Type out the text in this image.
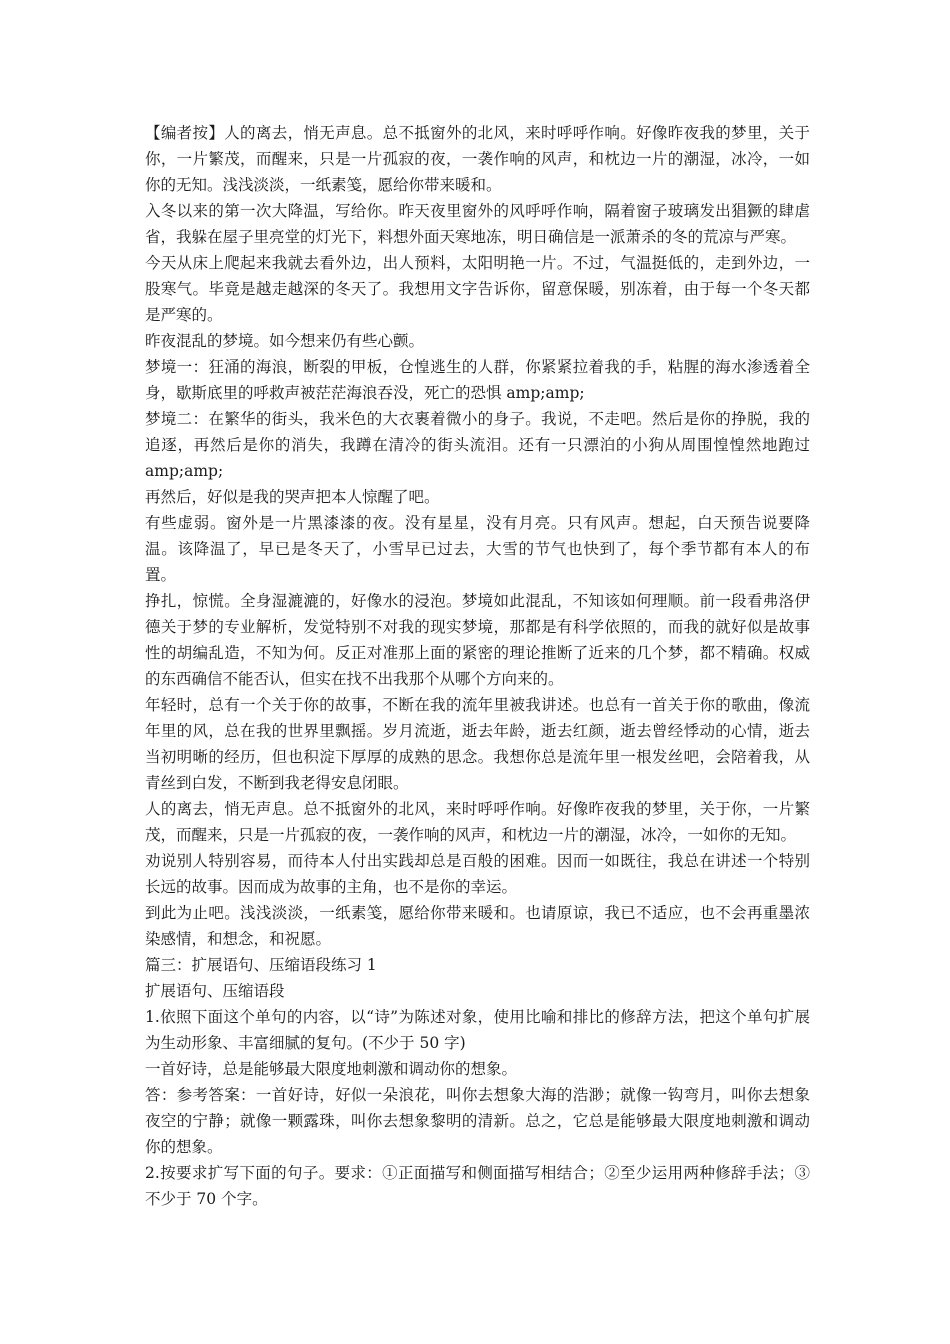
【编者按】人的离去，悄无声息。总不抵窗外的北风，来时呼呼作响。好像昨夜我的梦里，关于你，一片繁茂，而醒来，只是一片孤寂的夜，一袭作响的风声，和枕边一片的潮湿，冰冷，一如你的无知。浅浅淡淡，一纸素笺，愿给你带来暖和。

入冬以来的第一次大降温，写给你。昨天夜里窗外的风呼呼作响，隔着窗子玻璃发出猖獗的肆虐省，我躲在屋子里亮堂的灯光下，料想外面天寒地冻，明日确信是一派萧杀的冬的荒凉与严寒。

今天从床上爬起来我就去看外边，出人预料，太阳明艳一片。不过，气温挺低的，走到外边，一股寒气。毕竟是越走越深的冬天了。我想用文字告诉你，留意保暖，别冻着，由于每一个冬天都是严寒的。

昨夜混乱的梦境。如今想来仍有些心颤。

梦境一：狂涌的海浪，断裂的甲板，仓惶逃生的人群，你紧紧拉着我的手，粘腥的海水渗透着全身，歇斯底里的呼救声被茫茫海浪吞没，死亡的恐惧 amp;amp;

梦境二：在繁华的街头，我米色的大衣裹着微小的身子。我说，不走吧。然后是你的挣脱，我的追逐，再然后是你的消失，我蹲在清冷的街头流泪。还有一只漂泊的小狗从周围惶惶然地跑过 amp;amp;

再然后，好似是我的哭声把本人惊醒了吧。

有些虚弱。窗外是一片黑漆漆的夜。没有星星，没有月亮。只有风声。想起，白天预告说要降温。该降温了，早已是冬天了，小雪早已过去，大雪的节气也快到了，每个季节都有本人的布置。

挣扎，惊慌。全身湿漉漉的，好像水的浸泡。梦境如此混乱，不知该如何理顺。前一段看弗洛伊德关于梦的专业解析，发觉特别不对我的现实梦境，那都是有科学依照的，而我的就好似是故事性的胡编乱造，不知为何。反正对准那上面的紧密的理论推断了近来的几个梦，都不精确。权威的东西确信不能否认，但实在找不出我那个从哪个方向来的。

年轻时，总有一个关于你的故事，不断在我的流年里被我讲述。也总有一首关于你的歌曲，像流年里的风，总在我的世界里飘摇。岁月流逝，逝去年龄，逝去红颜，逝去曾经悸动的心情，逝去当初明晰的经历，但也积淀下厚厚的成熟的思念。我想你总是流年里一根发丝吧，会陪着我，从青丝到白发，不断到我老得安息闭眼。

人的离去，悄无声息。总不抵窗外的北风，来时呼呼作响。好像昨夜我的梦里，关于你，一片繁茂，而醒来，只是一片孤寂的夜，一袭作响的风声，和枕边一片的潮湿，冰冷，一如你的无知。

劝说别人特别容易，而待本人付出实践却总是百般的困难。因而一如既往，我总在讲述一个特别长远的故事。因而成为故事的主角，也不是你的幸运。

到此为止吧。浅浅淡淡，一纸素笺，愿给你带来暖和。也请原谅，我已不适应，也不会再重墨浓染感情，和想念，和祝愿。

篇三：扩展语句、压缩语段练习 1

扩展语句、压缩语段

1.依照下面这个单句的内容，以“诗”为陈述对象，使用比喻和排比的修辞方法，把这个单句扩展为生动形象、丰富细腻的复句。(不少于 50 字)

一首好诗，总是能够最大限度地刺激和调动你的想象。

答：参考答案：一首好诗，好似一朵浪花，叫你去想象大海的浩渺；就像一钩弯月，叫你去想象夜空的宁静；就像一颗露珠，叫你去想象黎明的清新。总之，它总是能够最大限度地刺激和调动你的想象。

2.按要求扩写下面的句子。要求：①正面描写和侧面描写相结合；②至少运用两种修辞手法；③不少于 70 个字。
